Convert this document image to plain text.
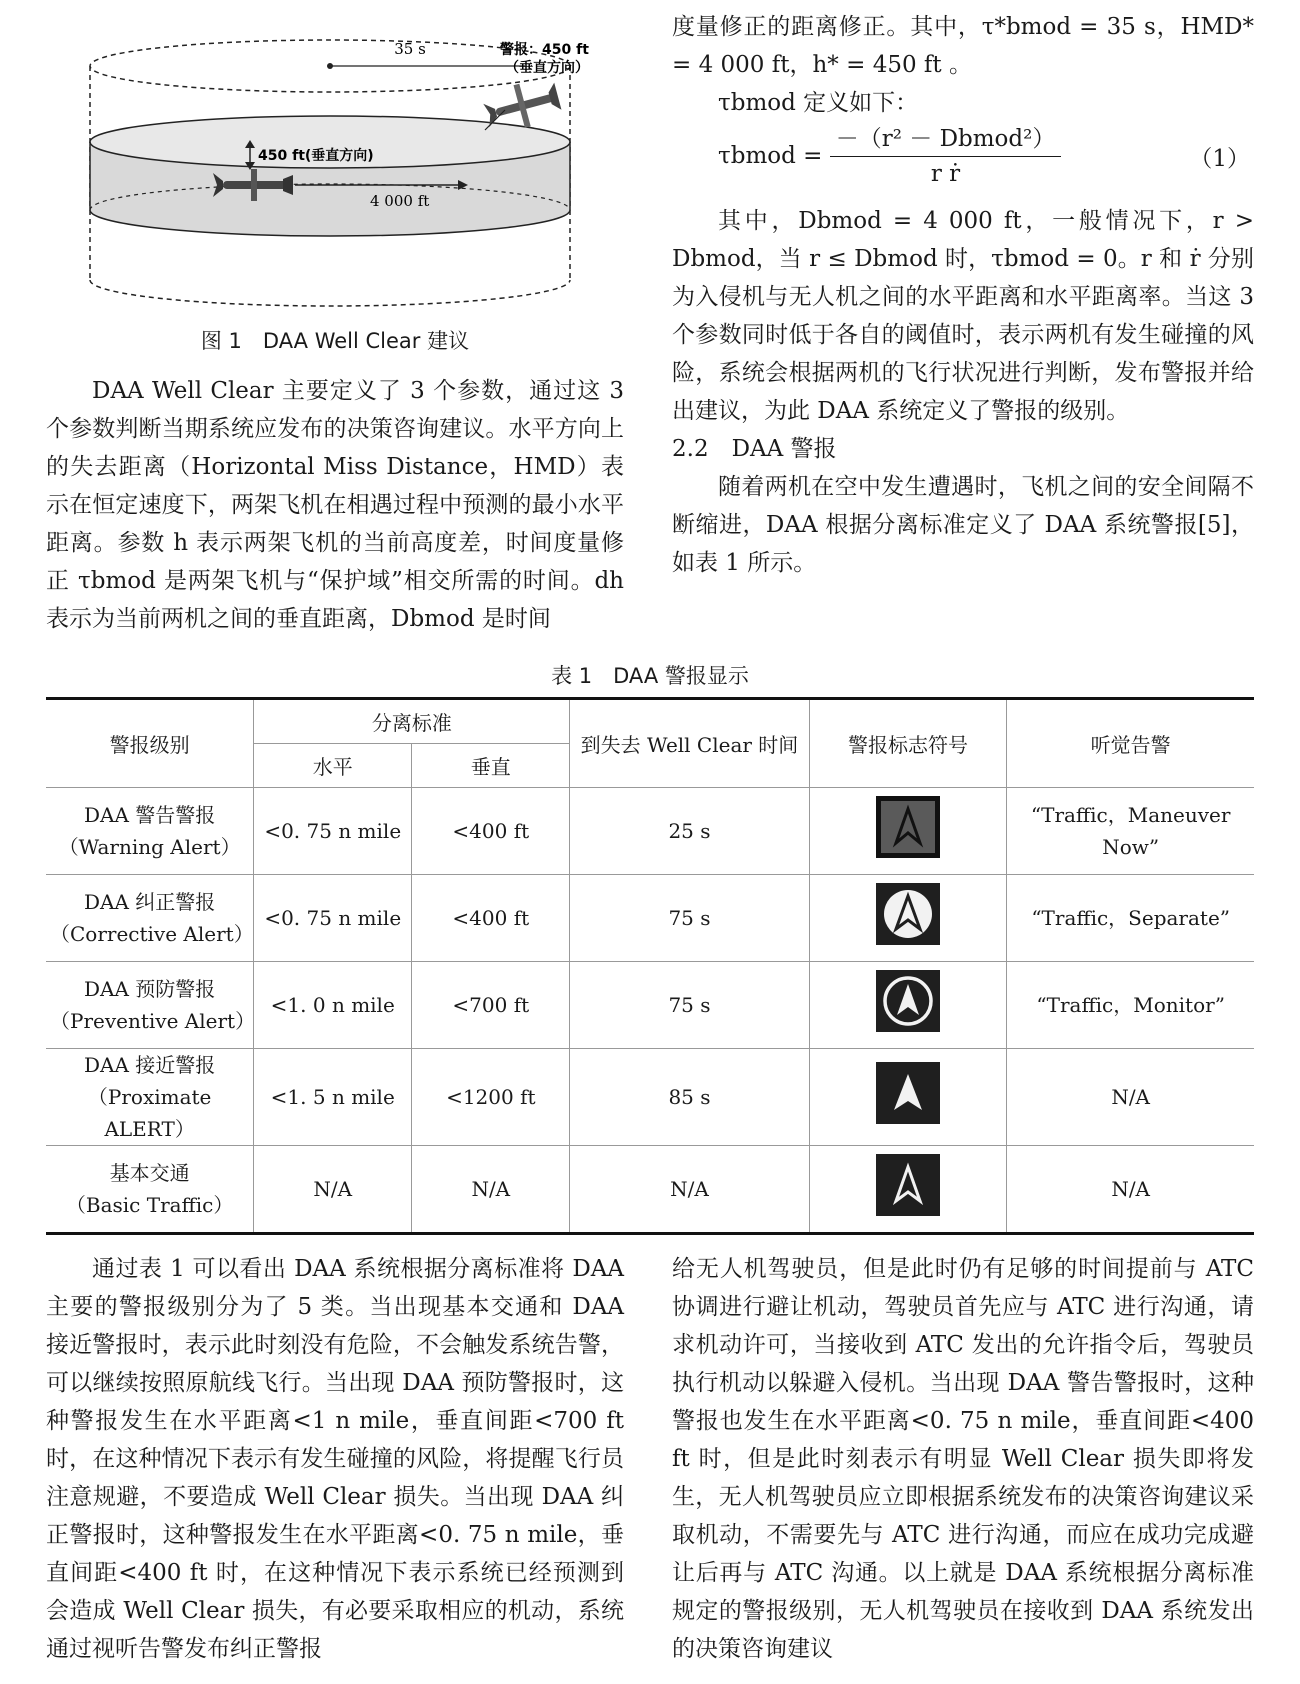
35 s	警报：450 ft
（垂直方向）
450 ft(垂直方向)
4 000 ft
图 1　DAA Well Clear 建议

DAA Well Clear 主要定义了 3 个参数，通过这 3 个参数判断当期系统应发布的决策咨询建议。水平方向上的失去距离（Horizontal Miss Distance，HMD）表示在恒定速度下，两架飞机在相遇过程中预测的最小水平距离。参数 h 表示两架飞机的当前高度差，时间度量修正 τbmod 是两架飞机与“保护域”相交所需的时间。dh 表示为当前两机之间的垂直距离，Dbmod 是时间

度量修正的距离修正。其中，τ*bmod = 35 s，HMD* = 4 000 ft，h* = 450 ft 。

τbmod 定义如下：

τbmod = $\frac{\text{－（r² － Dbmod²）}}{\text{r ṙ}}$	（1）

其中，Dbmod = 4 000 ft，一般情况下，r > Dbmod，当 r ≤ Dbmod 时，τbmod = 0。r 和 ṙ 分别为入侵机与无人机之间的水平距离和水平距离率。当这 3 个参数同时低于各自的阈值时，表示两机有发生碰撞的风险，系统会根据两机的飞行状况进行判断，发布警报并给出建议，为此 DAA 系统定义了警报的级别。

2.2　DAA 警报

随着两机在空中发生遭遇时，飞机之间的安全间隔不断缩进，DAA 根据分离标准定义了 DAA 系统警报[5]，如表 1 所示。

表 1　DAA 警报显示
警报级别	分离标准		到失去 Well Clear 时间	警报标志符号	听觉告警
	水平	垂直			

DAA 警告警报
（Warning Alert）	<0. 75 n mile	<400 ft	25 s		“Traffic，Maneuver Now”

DAA 纠正警报
（Corrective Alert）	<0. 75 n mile	<400 ft	75 s		“Traffic，Separate”

DAA 预防警报
（Preventive Alert）	<1. 0 n mile	<700 ft	75 s		“Traffic，Monitor”

DAA 接近警报
（Proximate ALERT）	<1. 5 n mile	<1200 ft	85 s		N/A

基本交通
（Basic Traffic）	N/A	N/A	N/A		N/A

通过表 1 可以看出 DAA 系统根据分离标准将 DAA 主要的警报级别分为了 5 类。当出现基本交通和 DAA 接近警报时，表示此时刻没有危险，不会触发系统告警，可以继续按照原航线飞行。当出现 DAA 预防警报时，这种警报发生在水平距离<1 n mile，垂直间距<700 ft 时，在这种情况下表示有发生碰撞的风险，将提醒飞行员注意规避，不要造成 Well Clear 损失。当出现 DAA 纠正警报时，这种警报发生在水平距离<0. 75 n mile，垂直间距<400 ft 时，在这种情况下表示系统已经预测到会造成 Well Clear 损失，有必要采取相应的机动，系统通过视听告警发布纠正警报

给无人机驾驶员，但是此时仍有足够的时间提前与 ATC 协调进行避让机动，驾驶员首先应与 ATC 进行沟通，请求机动许可，当接收到 ATC 发出的允许指令后，驾驶员执行机动以躲避入侵机。当出现 DAA 警告警报时，这种警报也发生在水平距离<0. 75 n mile，垂直间距<400 ft 时，但是此时刻表示有明显 Well Clear 损失即将发生，无人机驾驶员应立即根据系统发布的决策咨询建议采取机动，不需要先与 ATC 进行沟通，而应在成功完成避让后再与 ATC 沟通。以上就是 DAA 系统根据分离标准规定的警报级别，无人机驾驶员在接收到 DAA 系统发出的决策咨询建议
